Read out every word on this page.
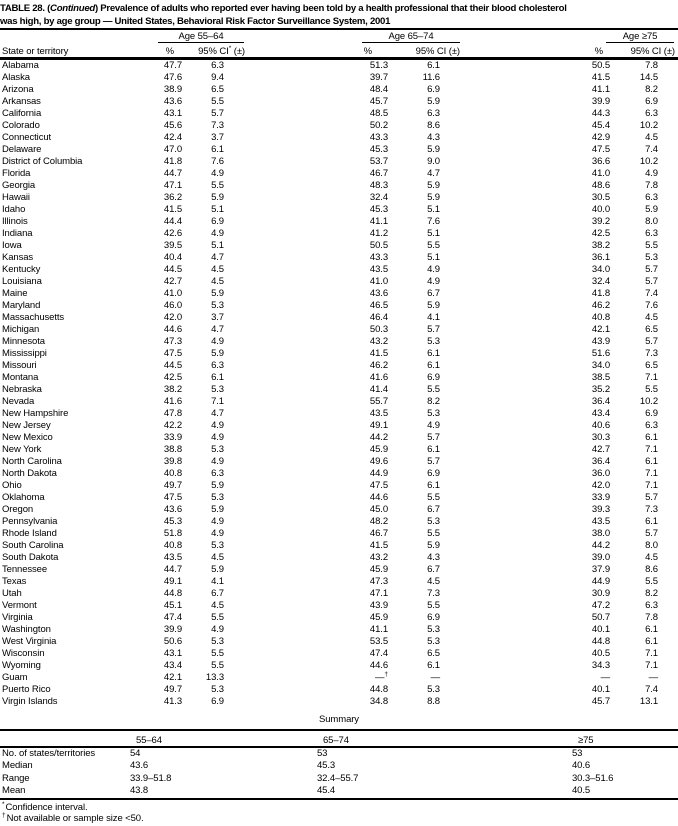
TABLE 28. (Continued) Prevalence of adults who reported ever having been told by a health professional that their blood cholesterol
was high, by age group — United States, Behavioral Risk Factor Surveillance System, 2001
Age 55–64	Age 65–74	Age ≥75
State or territory	%	95% CI* (±)	%	95% CI (±)	%	95% CI (±)
Alabama	47.7	6.3	51.3	6.1	50.5	7.8
Alaska	47.6	9.4	39.7	11.6	41.5	14.5
Arizona	38.9	6.5	48.4	6.9	41.1	8.2
Arkansas	43.6	5.5	45.7	5.9	39.9	6.9
California	43.1	5.7	48.5	6.3	44.3	6.3
Colorado	45.6	7.3	50.2	8.6	45.4	10.2
Connecticut	42.4	3.7	43.3	4.3	42.9	4.5
Delaware	47.0	6.1	45.3	5.9	47.5	7.4
District of Columbia	41.8	7.6	53.7	9.0	36.6	10.2
Florida	44.7	4.9	46.7	4.7	41.0	4.9
Georgia	47.1	5.5	48.3	5.9	48.6	7.8
Hawaii	36.2	5.9	32.4	5.9	30.5	6.3
Idaho	41.5	5.1	45.3	5.1	40.0	5.9
Illinois	44.4	6.9	41.1	7.6	39.2	8.0
Indiana	42.6	4.9	41.2	5.1	42.5	6.3
Iowa	39.5	5.1	50.5	5.5	38.2	5.5
Kansas	40.4	4.7	43.3	5.1	36.1	5.3
Kentucky	44.5	4.5	43.5	4.9	34.0	5.7
Louisiana	42.7	4.5	41.0	4.9	32.4	5.7
Maine	41.0	5.9	43.6	6.7	41.8	7.4
Maryland	46.0	5.3	46.5	5.9	46.2	7.6
Massachusetts	42.0	3.7	46.4	4.1	40.8	4.5
Michigan	44.6	4.7	50.3	5.7	42.1	6.5
Minnesota	47.3	4.9	43.2	5.3	43.9	5.7
Mississippi	47.5	5.9	41.5	6.1	51.6	7.3
Missouri	44.5	6.3	46.2	6.1	34.0	6.5
Montana	42.5	6.1	41.6	6.9	38.5	7.1
Nebraska	38.2	5.3	41.4	5.5	35.2	5.5
Nevada	41.6	7.1	55.7	8.2	36.4	10.2
New Hampshire	47.8	4.7	43.5	5.3	43.4	6.9
New Jersey	42.2	4.9	49.1	4.9	40.6	6.3
New Mexico	33.9	4.9	44.2	5.7	30.3	6.1
New York	38.8	5.3	45.9	6.1	42.7	7.1
North Carolina	39.8	4.9	49.6	5.7	36.4	6.1
North Dakota	40.8	6.3	44.9	6.9	36.0	7.1
Ohio	49.7	5.9	47.5	6.1	42.0	7.1
Oklahoma	47.5	5.3	44.6	5.5	33.9	5.7
Oregon	43.6	5.9	45.0	6.7	39.3	7.3
Pennsylvania	45.3	4.9	48.2	5.3	43.5	6.1
Rhode Island	51.8	4.9	46.7	5.5	38.0	5.7
South Carolina	40.8	5.3	41.5	5.9	44.2	8.0
South Dakota	43.5	4.5	43.2	4.3	39.0	4.5
Tennessee	44.7	5.9	45.9	6.7	37.9	8.6
Texas	49.1	4.1	47.3	4.5	44.9	5.5
Utah	44.8	6.7	47.1	7.3	30.9	8.2
Vermont	45.1	4.5	43.9	5.5	47.2	6.3
Virginia	47.4	5.5	45.9	6.9	50.7	7.8
Washington	39.9	4.9	41.1	5.3	40.1	6.1
West Virginia	50.6	5.3	53.5	5.3	44.8	6.1
Wisconsin	43.1	5.5	47.4	6.5	40.5	7.1
Wyoming	43.4	5.5	44.6	6.1	34.3	7.1
Guam	42.1	13.3	—†	—	—	—
Puerto Rico	49.7	5.3	44.8	5.3	40.1	7.4
Virgin Islands	41.3	6.9	34.8	8.8	45.7	13.1
Summary
55–64	65–74	≥75
No. of states/territories	54	53	53
Median	43.6	45.3	40.6
Range	33.9–51.8	32.4–55.7	30.3–51.6
Mean	43.8	45.4	40.5
*Confidence interval.
†Not available or sample size <50.
